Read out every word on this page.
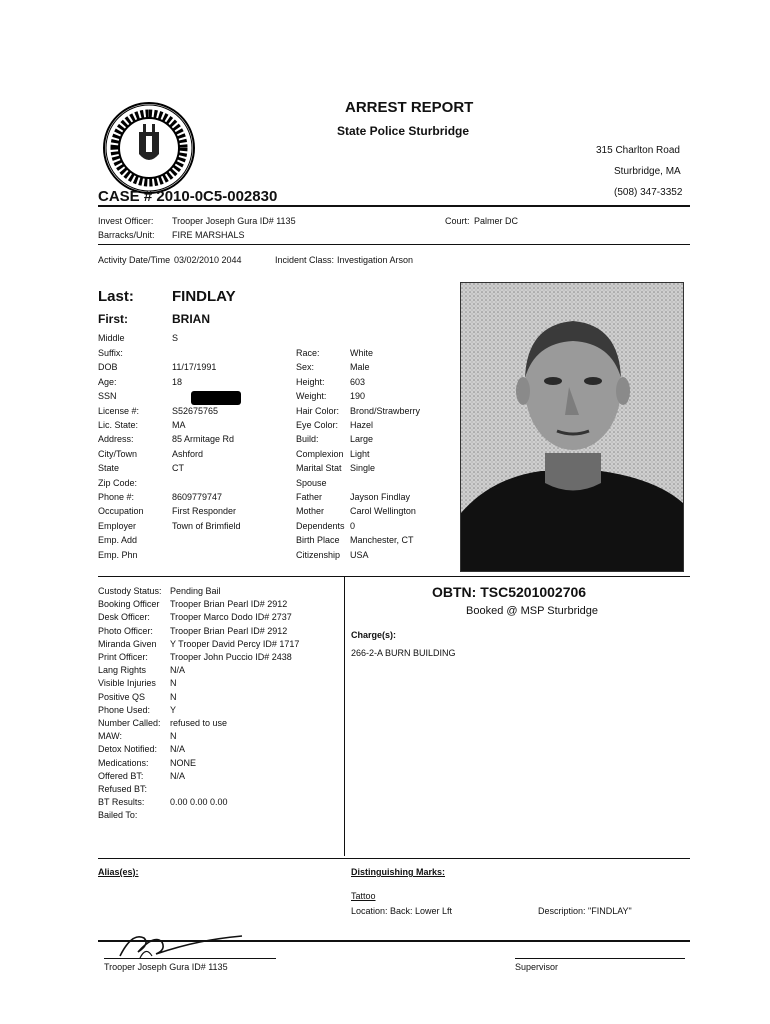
ARREST REPORT
State Police Sturbridge
315 Charlton Road
Sturbridge, MA
(508) 347-3352
CASE # 2010-0C5-002830
Invest Officer: Trooper Joseph Gura ID# 1135	Court: Palmer DC
Barracks/Unit: FIRE MARSHALS
Activity Date/Time 03/02/2010 2044	Incident Class: Investigation Arson
Last:	FINDLAY
First:	BRIAN
Middle	S
Suffix:
DOB	11/17/1991
Age:	18
SSN
License #:	S52675765
Lic. State:	MA
Address:	85 Armitage Rd
City/Town	Ashford
State	CT
Zip Code:
Phone #:	8609779747
Occupation	First Responder
Employer	Town of Brimfield
Emp. Add
Emp. Phn
Race:	White
Sex:	Male
Height:	603
Weight:	190
Hair Color: Brond/Strawberry
Eye Color: Hazel
Build:	Large
Complexion Light
Marital Stat Single
Spouse
Father	Jayson Findlay
Mother	Carol Wellington
Dependents 0
Birth Place Manchester, CT
Citizenship USA
Custody Status: Pending Bail
Booking Officer Trooper Brian Pearl ID# 2912
Desk Officer: Trooper Marco Dodo ID# 2737
Photo Officer: Trooper Brian Pearl ID# 2912
Miranda Given Y Trooper David Percy ID# 1717
Print Officer: Trooper John Puccio ID# 2438
Lang Rights	N/A
Visible Injuries N
Positive QS	N
Phone Used: Y
Number Called: refused to use
MAW:	N
Detox Notified: N/A
Medications: NONE
Offered BT:	N/A
Refused BT:
BT Results:	0.00 0.00 0.00
Bailed To:
OBTN: TSC5201002706
Booked @ MSP Sturbridge
Charge(s):
266-2-A BURN BUILDING
Alias(es):	Distinguishing Marks:
Tattoo
Location: Back: Lower Lft	Description: "FINDLAY"
Trooper Joseph Gura ID# 1135	Supervisor
